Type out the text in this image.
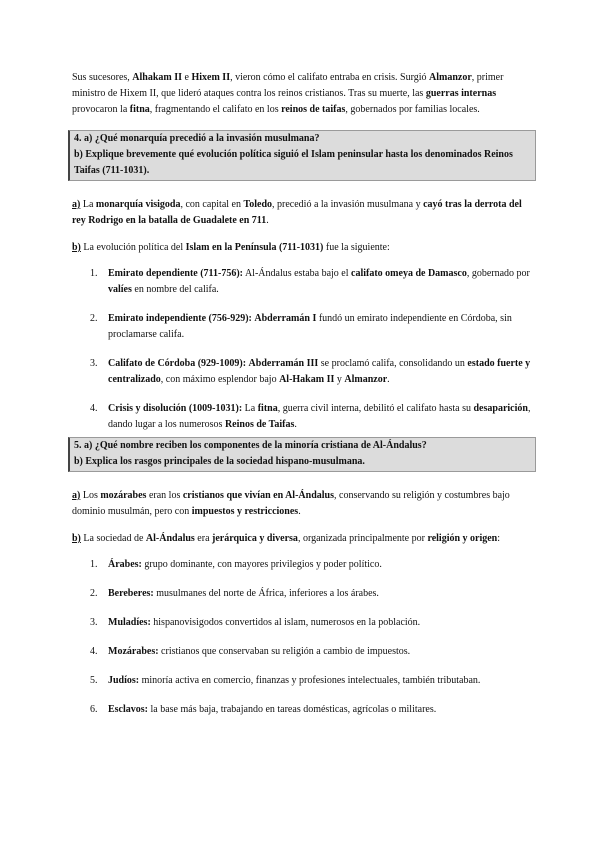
Sus sucesores, Alhakam II e Hixem II, vieron cómo el califato entraba en crisis. Surgió Almanzor, primer ministro de Hixem II, que lideró ataques contra los reinos cristianos. Tras su muerte, las guerras internas provocaron la fitna, fragmentando el califato en los reinos de taifas, gobernados por familias locales.

4. a) ¿Qué monarquía precedió a la invasión musulmana?
b) Explique brevemente qué evolución política siguió el Islam peninsular hasta los denominados Reinos Taifas (711-1031).

a) La monarquía visigoda, con capital en Toledo, precedió a la invasión musulmana y cayó tras la derrota del rey Rodrigo en la batalla de Guadalete en 711.

b) La evolución política del Islam en la Península (711-1031) fue la siguiente:

1. Emirato dependiente (711-756): Al-Ándalus estaba bajo el califato omeya de Damasco, gobernado por valíes en nombre del califa.
2. Emirato independiente (756-929): Abderramán I fundó un emirato independiente en Córdoba, sin proclamarse califa.
3. Califato de Córdoba (929-1009): Abderramán III se proclamó califa, consolidando un estado fuerte y centralizado, con máximo esplendor bajo Al-Hakam II y Almanzor.
4. Crisis y disolución (1009-1031): La fitna, guerra civil interna, debilitó el califato hasta su desaparición, dando lugar a los numerosos Reinos de Taifas.
5. a) ¿Qué nombre reciben los componentes de la minoría cristiana de Al-Ándalus?
b) Explica los rasgos principales de la sociedad hispano-musulmana.

a) Los mozárabes eran los cristianos que vivían en Al-Ándalus, conservando su religión y costumbres bajo dominio musulmán, pero con impuestos y restricciones.

b) La sociedad de Al-Ándalus era jerárquica y diversa, organizada principalmente por religión y origen:

1. Árabes: grupo dominante, con mayores privilegios y poder político.
2. Bereberes: musulmanes del norte de África, inferiores a los árabes.
3. Muladíes: hispanovisigodos convertidos al islam, numerosos en la población.
4. Mozárabes: cristianos que conservaban su religión a cambio de impuestos.
5. Judíos: minoría activa en comercio, finanzas y profesiones intelectuales, también tributaban.
6. Esclavos: la base más baja, trabajando en tareas domésticas, agrícolas o militares.
